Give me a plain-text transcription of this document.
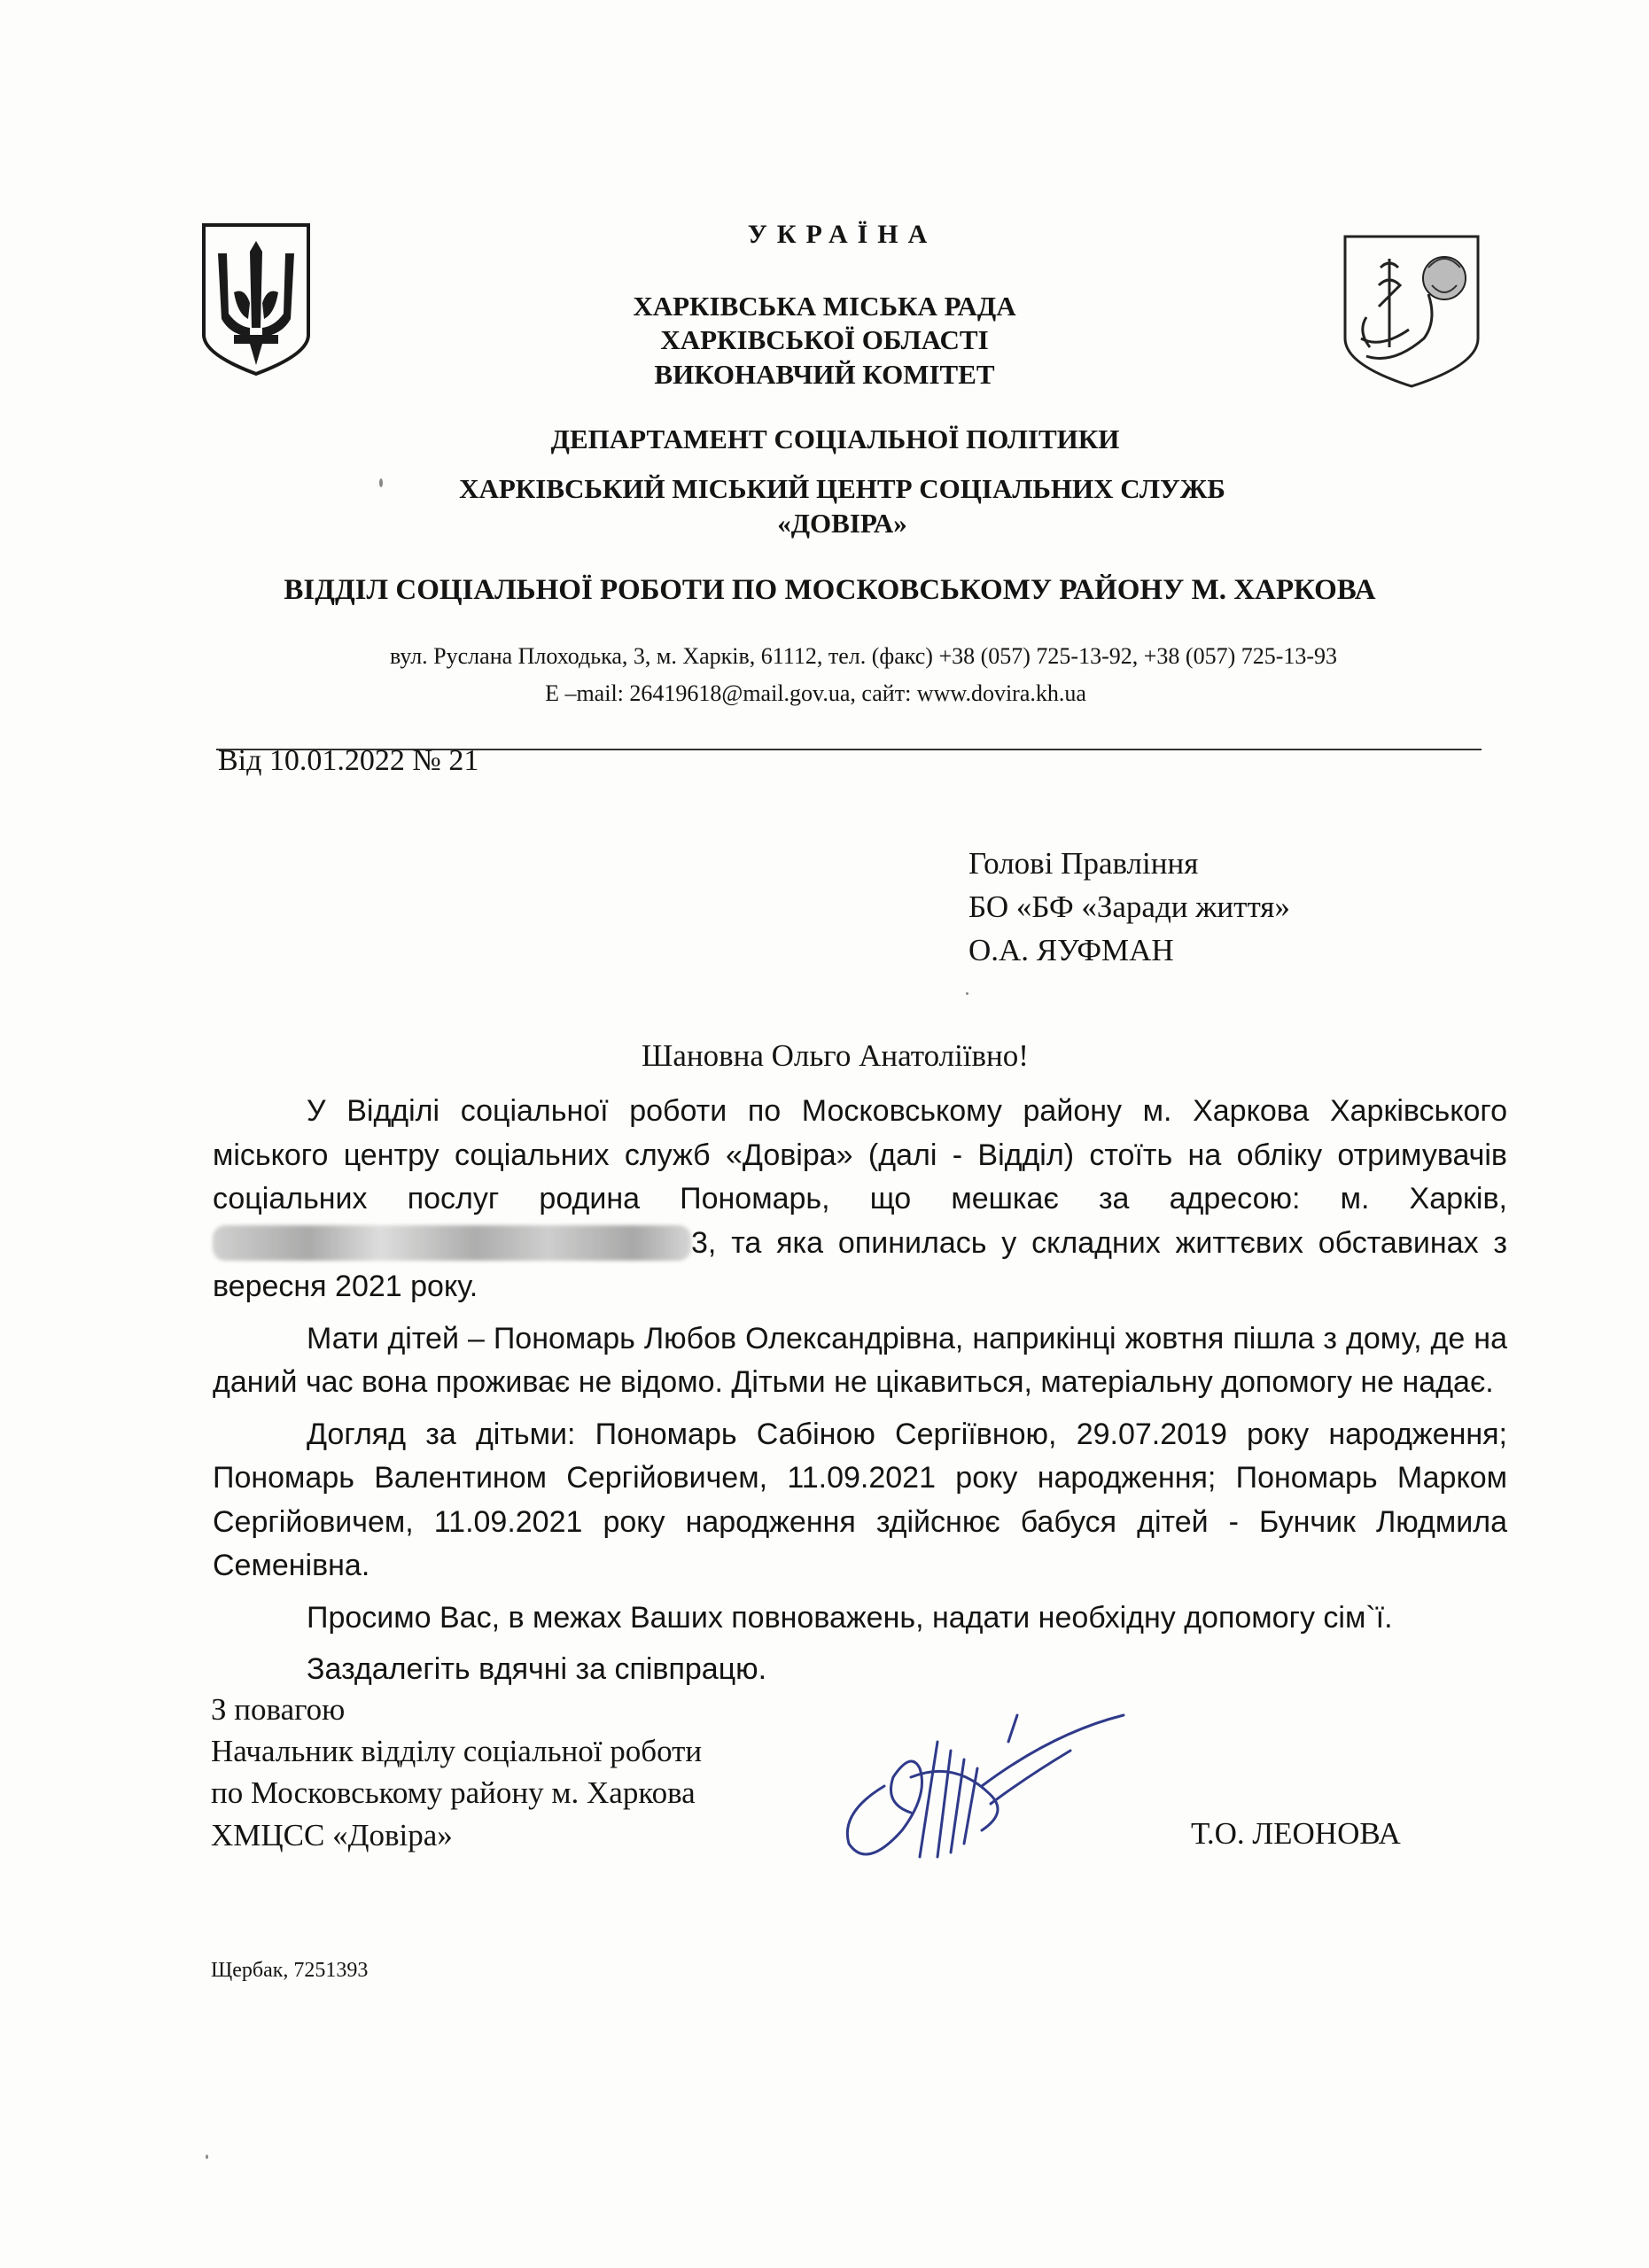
УКРАЇНА
ХАРКІВСЬКА МІСЬКА РАДА
ХАРКІВСЬКОЇ ОБЛАСТІ
ВИКОНАВЧИЙ КОМІТЕТ
ДЕПАРТАМЕНТ СОЦІАЛЬНОЇ ПОЛІТИКИ
ХАРКІВСЬКИЙ МІСЬКИЙ ЦЕНТР СОЦІАЛЬНИХ СЛУЖБ
«ДОВІРА»
ВІДДІЛ СОЦІАЛЬНОЇ РОБОТИ ПО МОСКОВСЬКОМУ РАЙОНУ М. ХАРКОВА
вул. Руслана Плоходька, 3, м. Харків, 61112, тел. (факс) +38 (057) 725-13-92, +38 (057) 725-13-93
E –mail: 26419618@mail.gov.ua, сайт: www.dovira.kh.ua
Від 10.01.2022 № 21
Голові Правління
БО «БФ «Заради життя»
О.А. ЯУФМАН
Шановна Ольго Анатоліївно!

У Відділі соціальної роботи по Московському району м. Харкова Харківського міського центру соціальних служб «Довіра» (далі - Відділ) стоїть на обліку отримувачів соціальних послуг родина Пономарь, що мешкає за адресою: м. Харків, 3, та яка опинилась у складних життєвих обставинах з вересня 2021 року.

Мати дітей – Пономарь Любов Олександрівна, наприкінці жовтня пішла з дому, де на даний час вона проживає не відомо. Дітьми не цікавиться, матеріальну допомогу не надає.

Догляд за дітьми: Пономарь Сабіною Сергіївною, 29.07.2019 року народження; Пономарь Валентином Сергійовичем, 11.09.2021 року народження; Пономарь Марком Сергійовичем, 11.09.2021 року народження здійснює бабуся дітей - Бунчик Людмила Семенівна.

Просимо Вас, в межах Ваших повноважень, надати необхідну допомогу сім`ї.

Заздалегіть вдячні за співпрацю.

З повагою
Начальник відділу соціальної роботи
по Московському району м. Харкова
ХМЦСС «Довіра»	Т.О. ЛЕОНОВА
Щербак, 7251393
